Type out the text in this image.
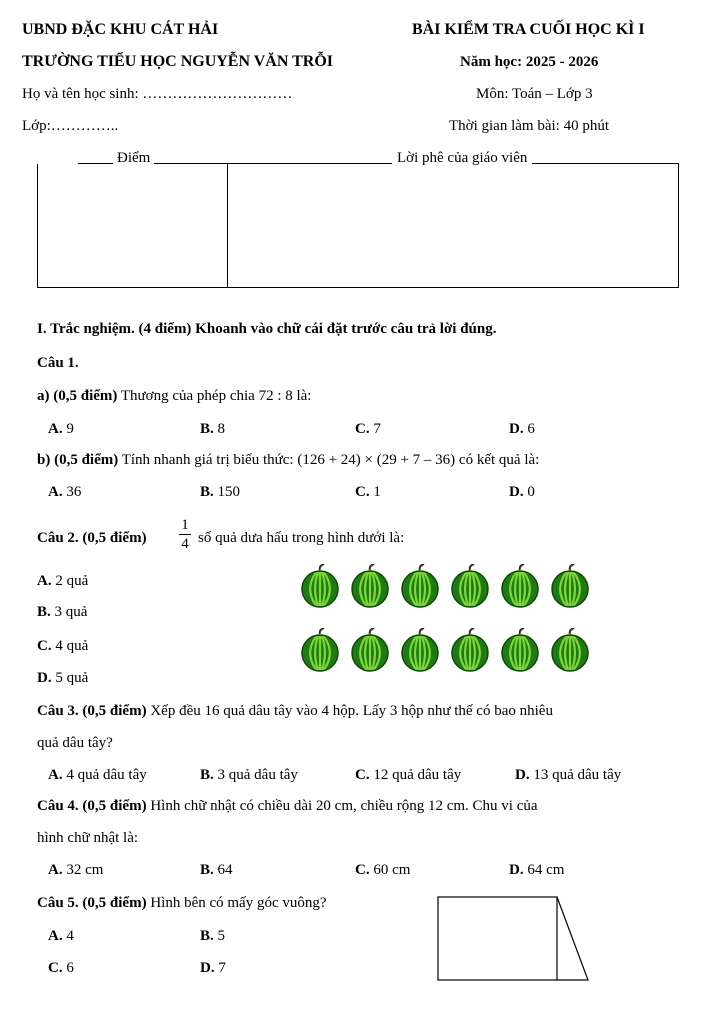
UBND ĐẶC KHU CÁT HẢI
TRƯỜNG TIỂU HỌC NGUYỄN VĂN TRỖI
BÀI KIỂM TRA CUỐI HỌC KÌ I
Năm học: 2025 - 2026
Họ và tên học sinh: …………………………	Môn: Toán – Lớp 3
Lớp:…………..	Thời gian làm bài: 40 phút
Điểm	Lời phê của giáo viên
I. Trắc nghiệm. (4 điểm) Khoanh vào chữ cái đặt trước câu trả lời đúng.
Câu 1.
a) (0,5 điểm) Thương của phép chia 72 : 8 là:
A. 9	B. 8	C. 7	D. 6
b) (0,5 điểm) Tính nhanh giá trị biểu thức: (126 + 24) × (29 + 7 – 36) có kết quả là:
A. 36	B. 150	C. 1	D. 0
Câu 2. (0,5 điểm)
1
4 số quả dưa hấu trong hình dưới là:
A. 2 quả
B. 3 quả
C. 4 quả
D. 5 quả
Câu 3. (0,5 điểm) Xếp đều 16 quả dâu tây vào 4 hộp. Lấy 3 hộp như thế có bao nhiêu
quả dâu tây?
A. 4 quả dâu tây	B. 3 quả dâu tây	C. 12 quả dâu tây	D. 13 quả dâu tây
Câu 4. (0,5 điểm) Hình chữ nhật có chiều dài 20 cm, chiều rộng 12 cm. Chu vi của
hình chữ nhật là:
A. 32 cm	B. 64	C. 60 cm	D. 64 cm
Câu 5. (0,5 điểm) Hình bên có mấy góc vuông?
A. 4	B. 5
C. 6	D. 7
